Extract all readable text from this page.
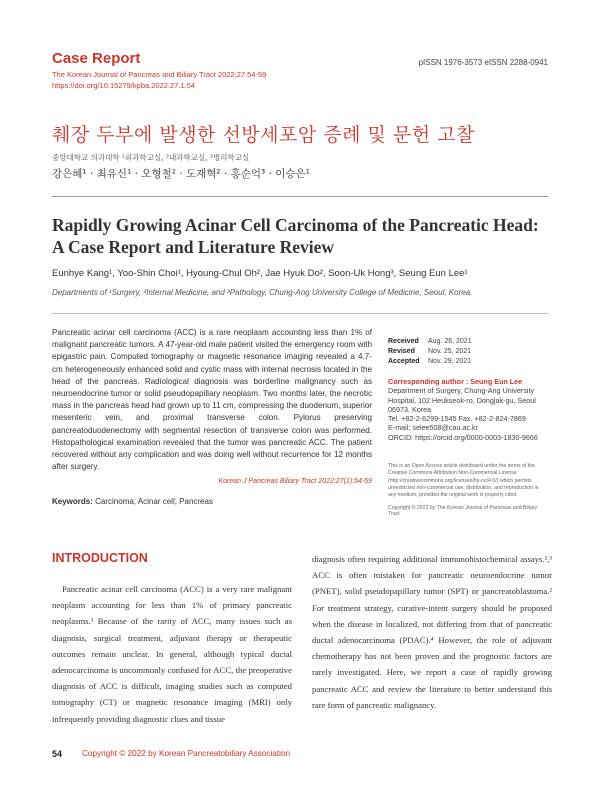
Case Report
The Korean Journal of Pancreas and Biliary Tract 2022;27:54-59
https://doi.org/10.15279/kpba.2022.27.1.54
pISSN 1976-3573 eISSN 2288-0941
췌장 두부에 발생한 선방세포암 증례 및 문헌 고찰
중앙대학교 의과대학 ¹외과학교실, ²내과학교실, ³병리학교실
강은혜¹ · 최유신¹ · 오형철² · 도재혁² · 홍순억³ · 이승은¹
Rapidly Growing Acinar Cell Carcinoma of the Pancreatic Head:
A Case Report and Literature Review
Eunhye Kang¹, Yoo-Shin Choi¹, Hyoung-Chul Oh², Jae Hyuk Do², Soon-Uk Hong³, Seung Eun Lee¹
Departments of ¹Surgery, ²Internal Medicine, and ³Pathology, Chung-Ang University College of Medicine, Seoul, Korea
Pancreatic acinar cell carcinoma (ACC) is a rare neoplasm accounting less than 1% of malignant pancreatic tumors. A 47-year-old male patient visited the emergency room with epigastric pain. Computed tomography or magnetic resonance imaging revealed a 4.7-cm heterogeneously enhanced solid and cystic mass with internal necrosis located in the head of the pancreas. Radiological diagnosis was borderline malignancy such as neuroendocrine tumor or solid pseudopapillary neoplasm. Two months later, the necrotic mass in the pancreas head had grown up to 11 cm, compressing the duodenum, superior mesenteric vein, and proximal transverse colon. Pylorus preserving pancreatoduodenectomy with segmental resection of transverse colon was performed. Histopathological examination revealed that the tumor was pancreatic ACC. The patient recovered without any complication and was doing well without recurrence for 12 months after surgery.
Korean J Pancreas Biliary Tract 2022;27(1):54-59
Keywords: Carcinoma; Acinar cell; Pancreas
Received	Aug. 26, 2021
Revised	Nov. 25, 2021
Accepted	Nov. 29, 2021
Corresponding author : Seung Eun Lee
Department of Surgery, Chung-Ang University
Hospital, 102 Heukseok-ro, Dongjak-gu, Seoul
06973, Korea
Tel. +82-2-6299-1545 Fax. +82-2-824-7869
E-mail; selee508@cau.ac.kr
ORCID: https://orcid.org/0000-0003-1830-9666
This is an Open Access article distributed under the terms of the Creative Commons Attribution Non-Commercial License (http://creativecommons.org/licenses/by-nc/4.0/) which permits unrestricted non-commercial use, distribution, and reproduction in any medium, provided the original work is properly cited.
Copyright © 2022 by The Korean Journal of Pancreas and Biliary Tract
INTRODUCTION

Pancreatic acinar cell carcinoma (ACC) is a very rare malignant neoplasm accounting for less than 1% of primary pancreatic neoplasms.¹ Because of the rarity of ACC, many issues such as diagnosis, surgical treatment, adjuvant therapy or therapeutic outcomes remain unclear. In general, although typical ductal adenocarcinoma is uncommonly confused for ACC, the preoperative diagnosis of ACC is difficult, imaging studies such as computed tomography (CT) or magnetic resonance imaging (MRI) only infrequently providing diagnostic clues and tissue

diagnosis often requiring additional immunohistochemical assays.²,³ ACC is often mistaken for pancreatic neuroendocrine tumor (PNET), solid pseudopapillary tumor (SPT) or pancreatoblastoma.² For treatment strategy, curative-intent surgery should be proposed when the disease in localized, not differing from that of pancreatic ductal adenocarcinoma (PDAC).⁴ However, the role of adjuvant chemotherapy has not been proven and the prognostic factors are rarely investigated. Here, we report a case of rapidly growing pancreatic ACC and review the literature to better understand this rare form of pancreatic malignancy.

54 Copyright © 2022 by Korean Pancreatobiliary Association
